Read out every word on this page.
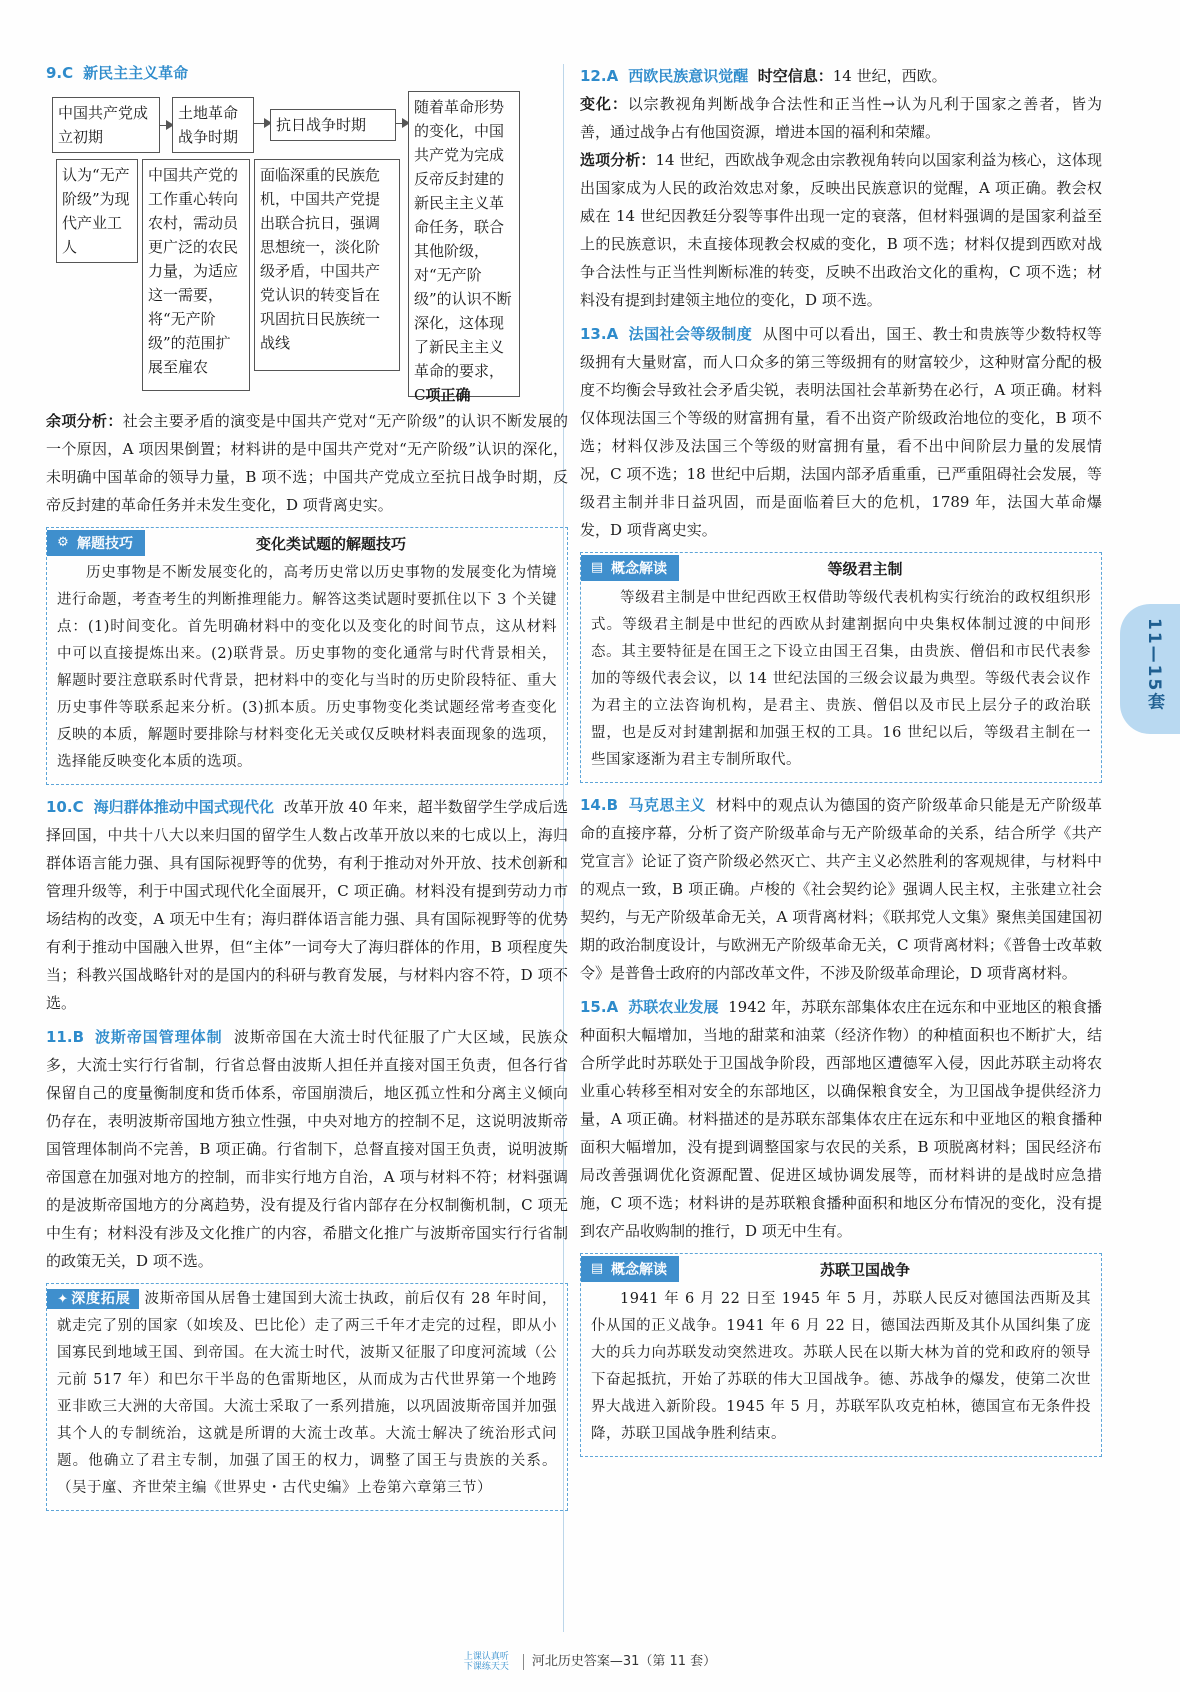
9.C 新民主主义革命
中国共产党成立初期
土地革命战争时期
抗日战争时期
认为“无产阶级”为现代产业工人
中国共产党的工作重心转向农村，需动员更广泛的农民力量，为适应这一需要，将“无产阶级”的范围扩展至雇农
面临深重的民族危机，中国共产党提出联合抗日，强调思想统一，淡化阶级矛盾，中国共产党认识的转变旨在巩固抗日民族统一战线
随着革命形势的变化，中国共产党为完成反帝反封建的新民主主义革命任务，联合其他阶级，对“无产阶级”的认识不断深化，这体现了新民主主义革命的要求，C项正确

余项分析：社会主要矛盾的演变是中国共产党对“无产阶级”的认识不断发展的一个原因，A 项因果倒置；材料讲的是中国共产党对“无产阶级”认识的深化，未明确中国革命的领导力量，B 项不选；中国共产党成立至抗日战争时期，反帝反封建的革命任务并未发生变化，D 项背离史实。

⚙ 解题技巧	变化类试题的解题技巧

历史事物是不断发展变化的，高考历史常以历史事物的发展变化为情境进行命题，考查考生的判断推理能力。解答这类试题时要抓住以下 3 个关键点：(1)时间变化。首先明确材料中的变化以及变化的时间节点，这从材料中可以直接提炼出来。(2)联背景。历史事物的变化通常与时代背景相关，解题时要注意联系时代背景，把材料中的变化与当时的历史阶段特征、重大历史事件等联系起来分析。(3)抓本质。历史事物变化类试题经常考查变化反映的本质，解题时要排除与材料变化无关或仅反映材料表面现象的选项，选择能反映变化本质的选项。

10.C 海归群体推动中国式现代化 改革开放 40 年来，超半数留学生学成后选择回国，中共十八大以来归国的留学生人数占改革开放以来的七成以上，海归群体语言能力强、具有国际视野等的优势，有利于推动对外开放、技术创新和管理升级等，利于中国式现代化全面展开，C 项正确。材料没有提到劳动力市场结构的改变，A 项无中生有；海归群体语言能力强、具有国际视野等的优势有利于推动中国融入世界，但“主体”一词夸大了海归群体的作用，B 项程度失当；科教兴国战略针对的是国内的科研与教育发展，与材料内容不符，D 项不选。

11.B 波斯帝国管理体制 波斯帝国在大流士时代征服了广大区域，民族众多，大流士实行行省制，行省总督由波斯人担任并直接对国王负责，但各行省保留自己的度量衡制度和货币体系，帝国崩溃后，地区孤立性和分离主义倾向仍存在，表明波斯帝国地方独立性强，中央对地方的控制不足，这说明波斯帝国管理体制尚不完善，B 项正确。行省制下，总督直接对国王负责，说明波斯帝国意在加强对地方的控制，而非实行地方自治，A 项与材料不符；材料强调的是波斯帝国地方的分离趋势，没有提及行省内部存在分权制衡机制，C 项无中生有；材料没有涉及文化推广的内容，希腊文化推广与波斯帝国实行行省制的政策无关，D 项不选。

✦ 深度拓展 波斯帝国从居鲁士建国到大流士执政，前后仅有 28 年时间，就走完了别的国家（如埃及、巴比伦）走了两三千年才走完的过程，即从小国寡民到地域王国、到帝国。在大流士时代，波斯又征服了印度河流域（公元前 517 年）和巴尔干半岛的色雷斯地区，从而成为古代世界第一个地跨亚非欧三大洲的大帝国。大流士采取了一系列措施，以巩固波斯帝国并加强其个人的专制统治，这就是所谓的大流士改革。大流士解决了统治形式问题。他确立了君主专制，加强了国王的权力，调整了国王与贵族的关系。（吴于廑、齐世荣主编《世界史・古代史编》上卷第六章第三节）

12.A 西欧民族意识觉醒 时空信息：14 世纪，西欧。

变化：以宗教视角判断战争合法性和正当性→认为凡利于国家之善者，皆为善，通过战争占有他国资源，增进本国的福利和荣耀。

选项分析：14 世纪，西欧战争观念由宗教视角转向以国家利益为核心，这体现出国家成为人民的政治效忠对象，反映出民族意识的觉醒，A 项正确。教会权威在 14 世纪因教廷分裂等事件出现一定的衰落，但材料强调的是国家利益至上的民族意识，未直接体现教会权威的变化，B 项不选；材料仅提到西欧对战争合法性与正当性判断标准的转变，反映不出政治文化的重构，C 项不选；材料没有提到封建领主地位的变化，D 项不选。

13.A 法国社会等级制度 从图中可以看出，国王、教士和贵族等少数特权等级拥有大量财富，而人口众多的第三等级拥有的财富较少，这种财富分配的极度不均衡会导致社会矛盾尖锐，表明法国社会革新势在必行，A 项正确。材料仅体现法国三个等级的财富拥有量，看不出资产阶级政治地位的变化，B 项不选；材料仅涉及法国三个等级的财富拥有量，看不出中间阶层力量的发展情况，C 项不选；18 世纪中后期，法国内部矛盾重重，已严重阻碍社会发展，等级君主制并非日益巩固，而是面临着巨大的危机，1789 年，法国大革命爆发，D 项背离史实。

▤ 概念解读	等级君主制

等级君主制是中世纪西欧王权借助等级代表机构实行统治的政权组织形式。等级君主制是中世纪的西欧从封建割据向中央集权体制过渡的中间形态。其主要特征是在国王之下设立由国王召集，由贵族、僧侣和市民代表参加的等级代表会议，以 14 世纪法国的三级会议最为典型。等级代表会议作为君主的立法咨询机构，是君主、贵族、僧侣以及市民上层分子的政治联盟，也是反对封建割据和加强王权的工具。16 世纪以后，等级君主制在一些国家逐渐为君主专制所取代。

14.B 马克思主义 材料中的观点认为德国的资产阶级革命只能是无产阶级革命的直接序幕，分析了资产阶级革命与无产阶级革命的关系，结合所学《共产党宣言》论证了资产阶级必然灭亡、共产主义必然胜利的客观规律，与材料中的观点一致，B 项正确。卢梭的《社会契约论》强调人民主权，主张建立社会契约，与无产阶级革命无关，A 项背离材料；《联邦党人文集》聚焦美国建国初期的政治制度设计，与欧洲无产阶级革命无关，C 项背离材料；《普鲁士改革敕令》是普鲁士政府的内部改革文件，不涉及阶级革命理论，D 项背离材料。

15.A 苏联农业发展 1942 年，苏联东部集体农庄在远东和中亚地区的粮食播种面积大幅增加，当地的甜菜和油菜（经济作物）的种植面积也不断扩大，结合所学此时苏联处于卫国战争阶段，西部地区遭德军入侵，因此苏联主动将农业重心转移至相对安全的东部地区，以确保粮食安全，为卫国战争提供经济力量，A 项正确。材料描述的是苏联东部集体农庄在远东和中亚地区的粮食播种面积大幅增加，没有提到调整国家与农民的关系，B 项脱离材料；国民经济布局改善强调优化资源配置、促进区域协调发展等，而材料讲的是战时应急措施，C 项不选；材料讲的是苏联粮食播种面积和地区分布情况的变化，没有提到农产品收购制的推行，D 项无中生有。

▤ 概念解读	苏联卫国战争

1941 年 6 月 22 日至 1945 年 5 月，苏联人民反对德国法西斯及其仆从国的正义战争。1941 年 6 月 22 日，德国法西斯及其仆从国纠集了庞大的兵力向苏联发动突然进攻。苏联人民在以斯大林为首的党和政府的领导下奋起抵抗，开始了苏联的伟大卫国战争。德、苏战争的爆发，使第二次世界大战进入新阶段。1945 年 5 月，苏联军队攻克柏林，德国宣布无条件投降，苏联卫国战争胜利结束。

11—15套
上课认真听
下课练天天 河北历史答案—31（第 11 套）
